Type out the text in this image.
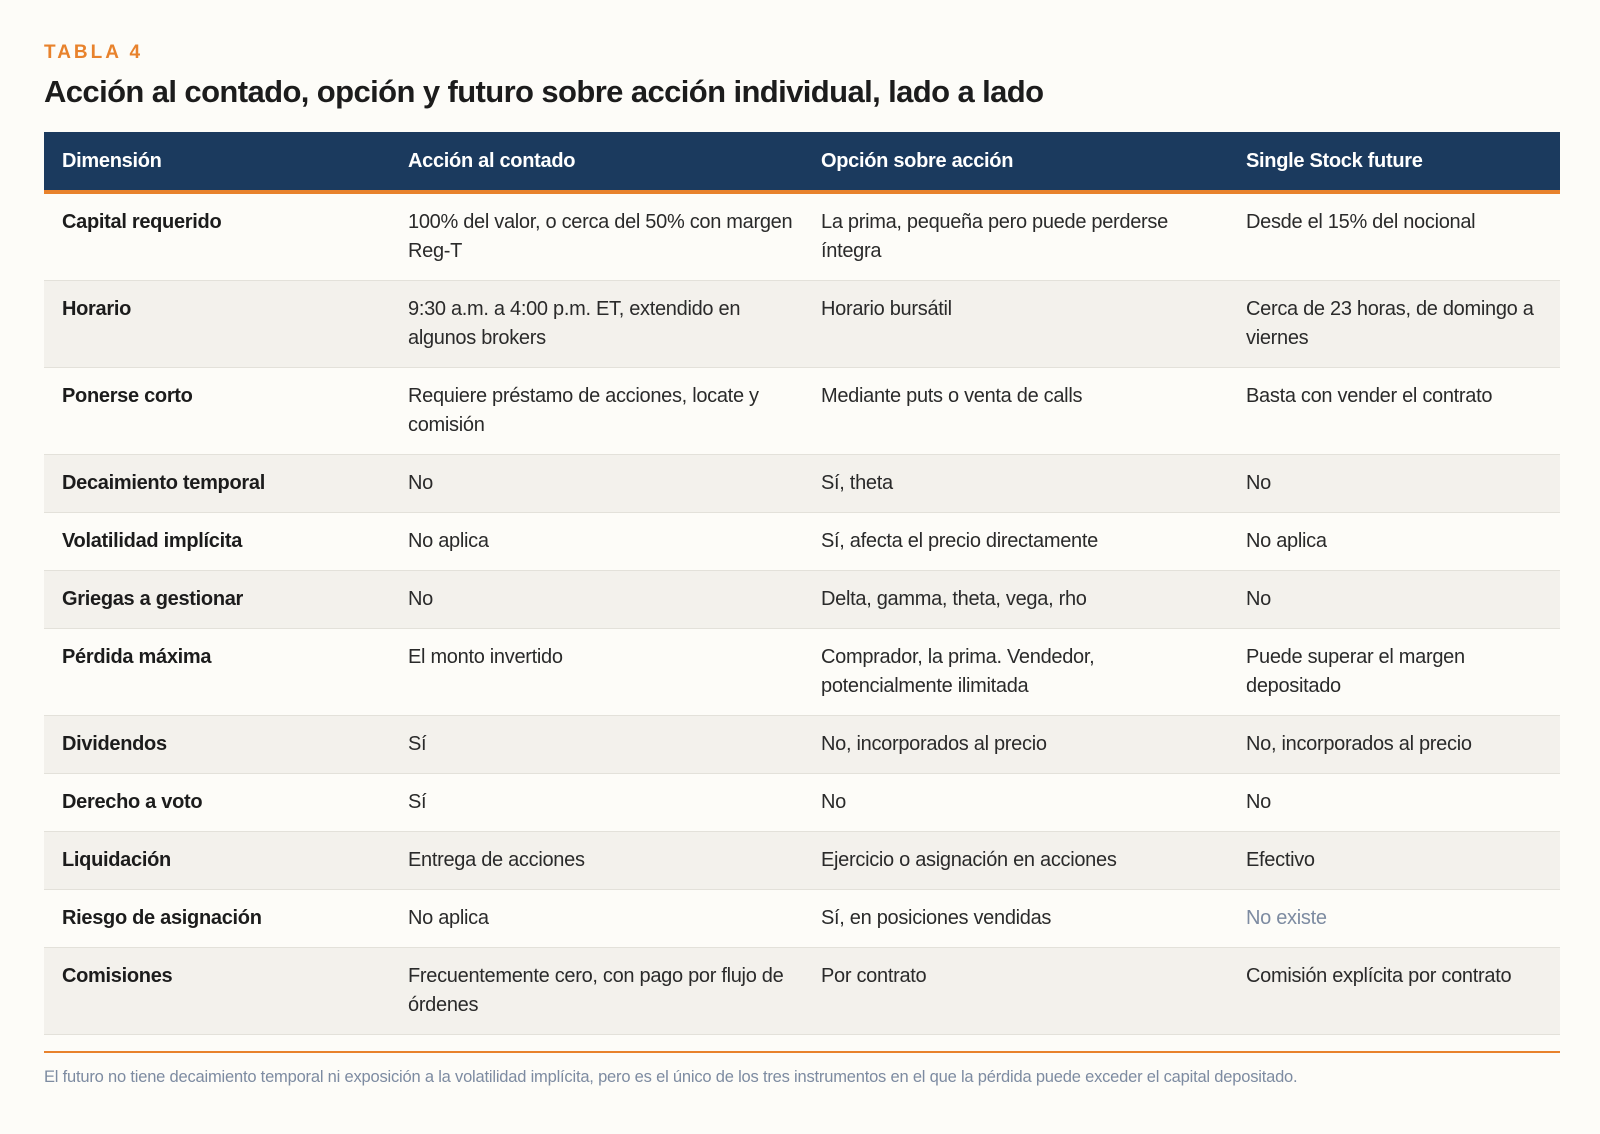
TABLA 4
Acción al contado, opción y futuro sobre acción individual, lado a lado
Dimensión	Acción al contado	Opción sobre acción	Single Stock future
Capital requerido	100% del valor, o cerca del 50% con margen Reg-T	La prima, pequeña pero puede perderse íntegra	Desde el 15% del nocional
Horario	9:30 a.m. a 4:00 p.m. ET, extendido en algunos brokers	Horario bursátil	Cerca de 23 horas, de domingo a viernes
Ponerse corto	Requiere préstamo de acciones, locate y comisión	Mediante puts o venta de calls	Basta con vender el contrato
Decaimiento temporal	No	Sí, theta	No
Volatilidad implícita	No aplica	Sí, afecta el precio directamente	No aplica
Griegas a gestionar	No	Delta, gamma, theta, vega, rho	No
Pérdida máxima	El monto invertido	Comprador, la prima. Vendedor, potencialmente ilimitada	Puede superar el margen depositado
Dividendos	Sí	No, incorporados al precio	No, incorporados al precio
Derecho a voto	Sí	No	No
Liquidación	Entrega de acciones	Ejercicio o asignación en acciones	Efectivo
Riesgo de asignación	No aplica	Sí, en posiciones vendidas	No existe
Comisiones	Frecuentemente cero, con pago por flujo de órdenes	Por contrato	Comisión explícita por contrato

El futuro no tiene decaimiento temporal ni exposición a la volatilidad implícita, pero es el único de los tres instrumentos en el que la pérdida puede exceder el capital depositado.
